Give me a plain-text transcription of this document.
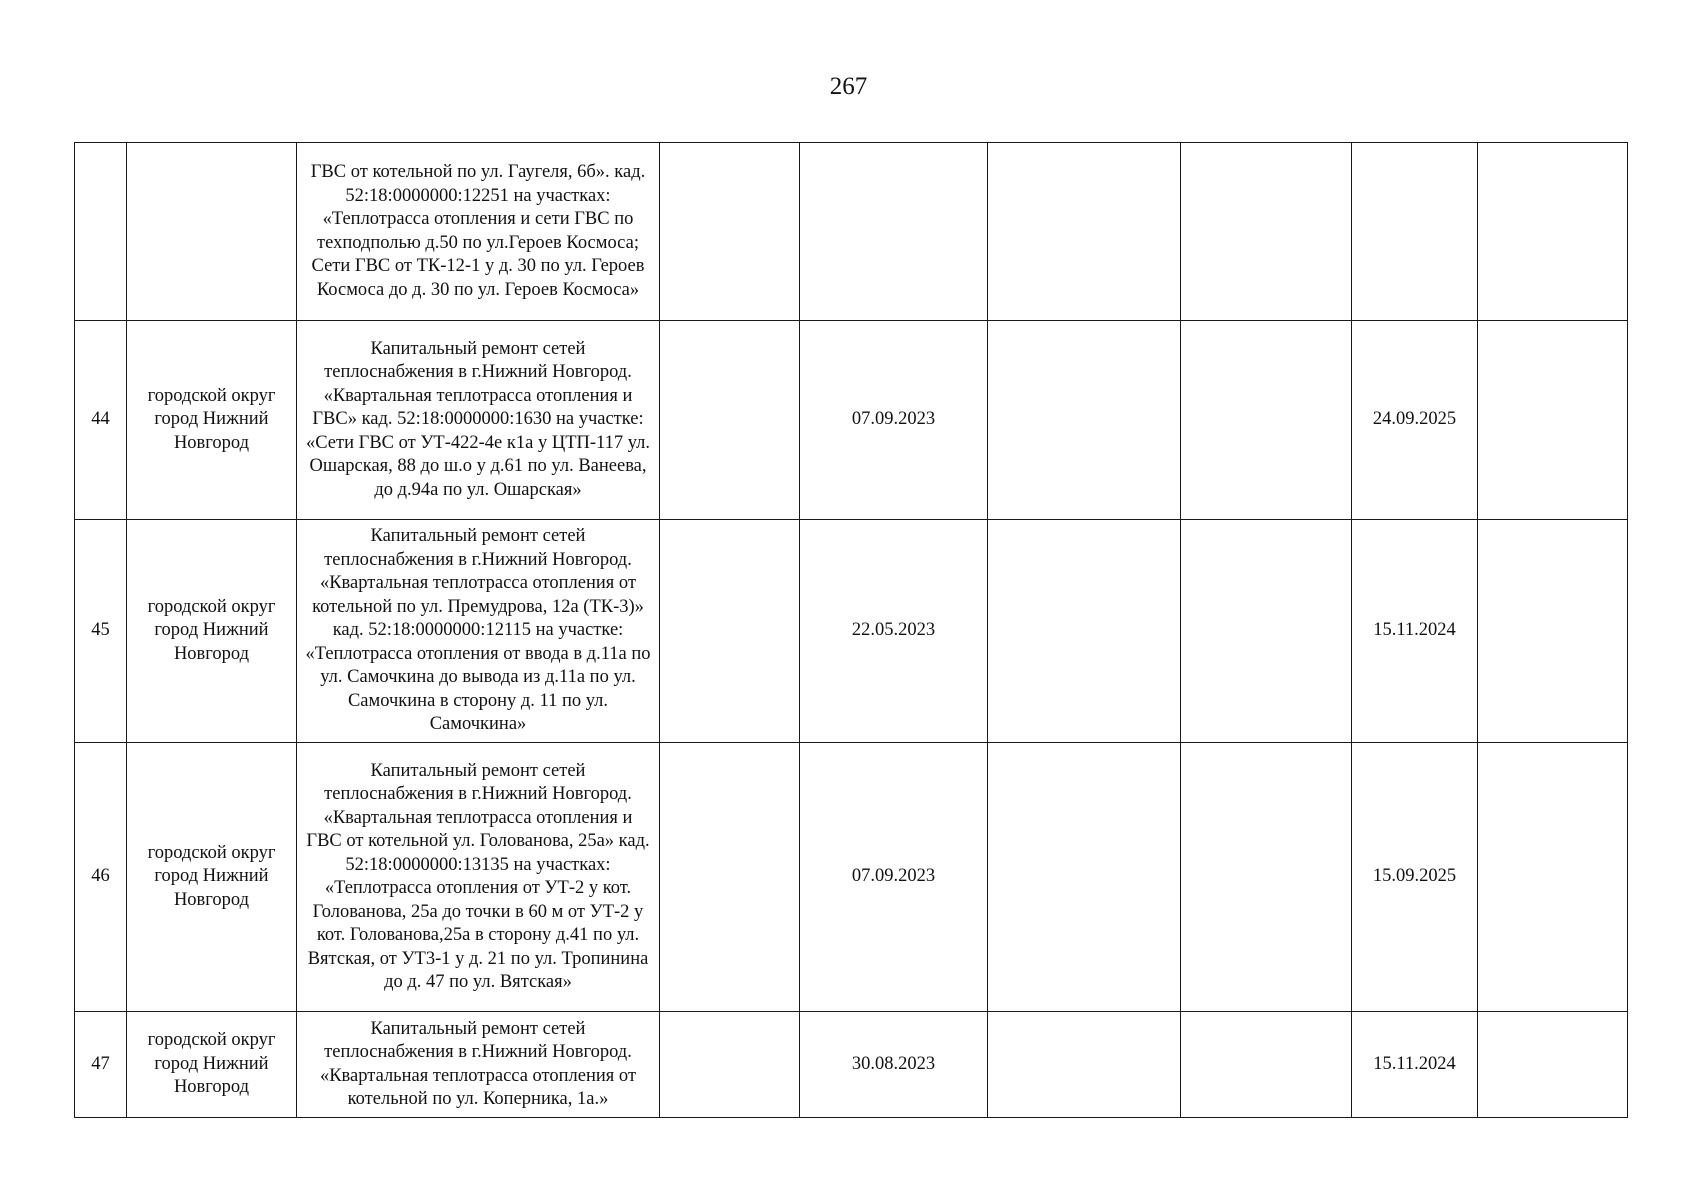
267

		ГВС от котельной по ул. Гаугеля, 6б». кад. 52:18:0000000:12251 на участках: «Теплотрасса отопления и сети ГВС по техподполью д.50 по ул.Героев Космоса; Сети ГВС от ТК-12-1 у д. 30 по ул. Героев Космоса до д. 30 по ул. Героев Космоса»						

44	городской округ город Нижний Новгород	Капитальный ремонт сетей теплоснабжения в г.Нижний Новгород. «Квартальная теплотрасса отопления и ГВС» кад. 52:18:0000000:1630 на участке: «Сети ГВС от УТ-422-4е к1а у ЦТП-117 ул. Ошарская, 88 до ш.о у д.61 по ул. Ванеева, до д.94а по ул. Ошарская»		07.09.2023			24.09.2025	
45	городской округ город Нижний Новгород	Капитальный ремонт сетей теплоснабжения в г.Нижний Новгород. «Квартальная теплотрасса отопления от котельной по ул. Премудрова, 12а (ТК-3)» кад. 52:18:0000000:12115 на участке: «Теплотрасса отопления от ввода в д.11а по ул. Самочкина до вывода из д.11а по ул. Самочкина в сторону д. 11 по ул. Самочкина»		22.05.2023			15.11.2024	
46	городской округ город Нижний Новгород	Капитальный ремонт сетей теплоснабжения в г.Нижний Новгород. «Квартальная теплотрасса отопления и ГВС от котельной ул. Голованова, 25а» кад. 52:18:0000000:13135 на участках: «Теплотрасса отопления от УТ-2 у кот. Голованова, 25а до точки в 60 м от УТ-2 у кот. Голованова,25а в сторону д.41 по ул. Вятская, от УТ3-1 у д. 21 по ул. Тропинина до д. 47 по ул. Вятская»		07.09.2023			15.09.2025	
47	городской округ город Нижний Новгород	Капитальный ремонт сетей теплоснабжения в г.Нижний Новгород. «Квартальная теплотрасса отопления от котельной по ул. Коперника, 1а.»		30.08.2023			15.11.2024	
